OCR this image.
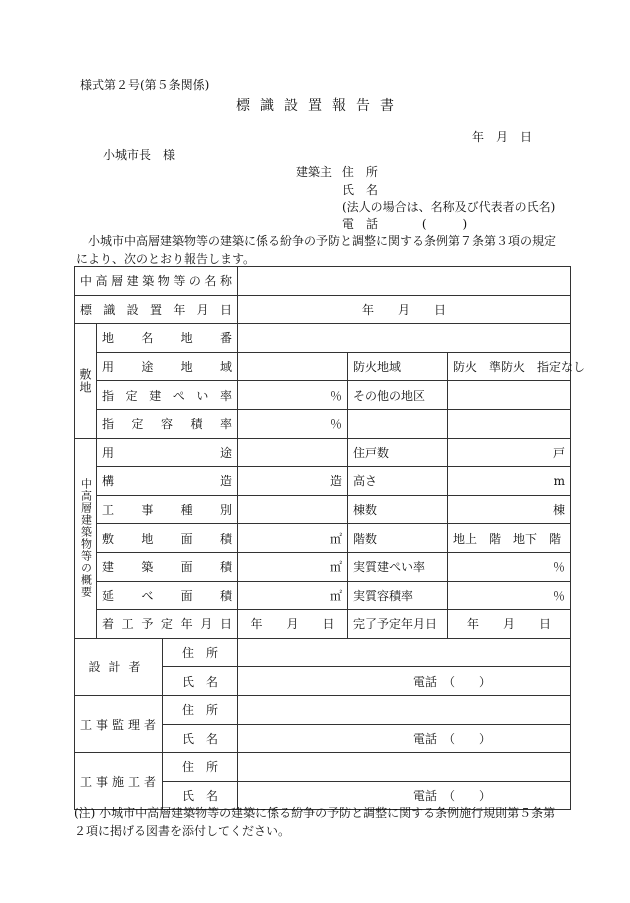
様式第２号(第５条関係)
標識設置報告書
年　月　日
小城市長　様
建築主 住　所
氏　名
(法人の場合は、名称及び代表者の氏名)
電　話	(　　　)
小城市中高層建築物等の建築に係る紛争の予防と調整に関する条例第７条第３項の規定により、次のとおり報告します。
中高層建築物等の名称					

標識設置年月日			年　　月　　日		
敷地	地名地番				

	用途地域			防火地域	防火　準防火　指定なし

	指定建ぺい率		％	その他の地区	

	指定容積率		％		
中高層建築物等の概要	用途			住戸数	戸

	構造		造	高さ	m

	工事種別			棟数	棟

	敷地面積		㎡	階数	地上　階　地下　階

	建築面積		㎡	実質建ぺい率	％

	延べ面積		㎡	実質容積率	％

	着工予定年月日		年　　月　　日	完了予定年月日	年　　月　　日
設計者		住　所			
		氏　名	電話　（　　）		
工事監理者		住　所			
		氏　名	電話　（　　）		
工事施工者		住　所			
		氏　名	電話　（　　）		
(注) 小城市中高層建築物等の建築に係る紛争の予防と調整に関する条例施行規則第５条第２項に掲げる図書を添付してください。
